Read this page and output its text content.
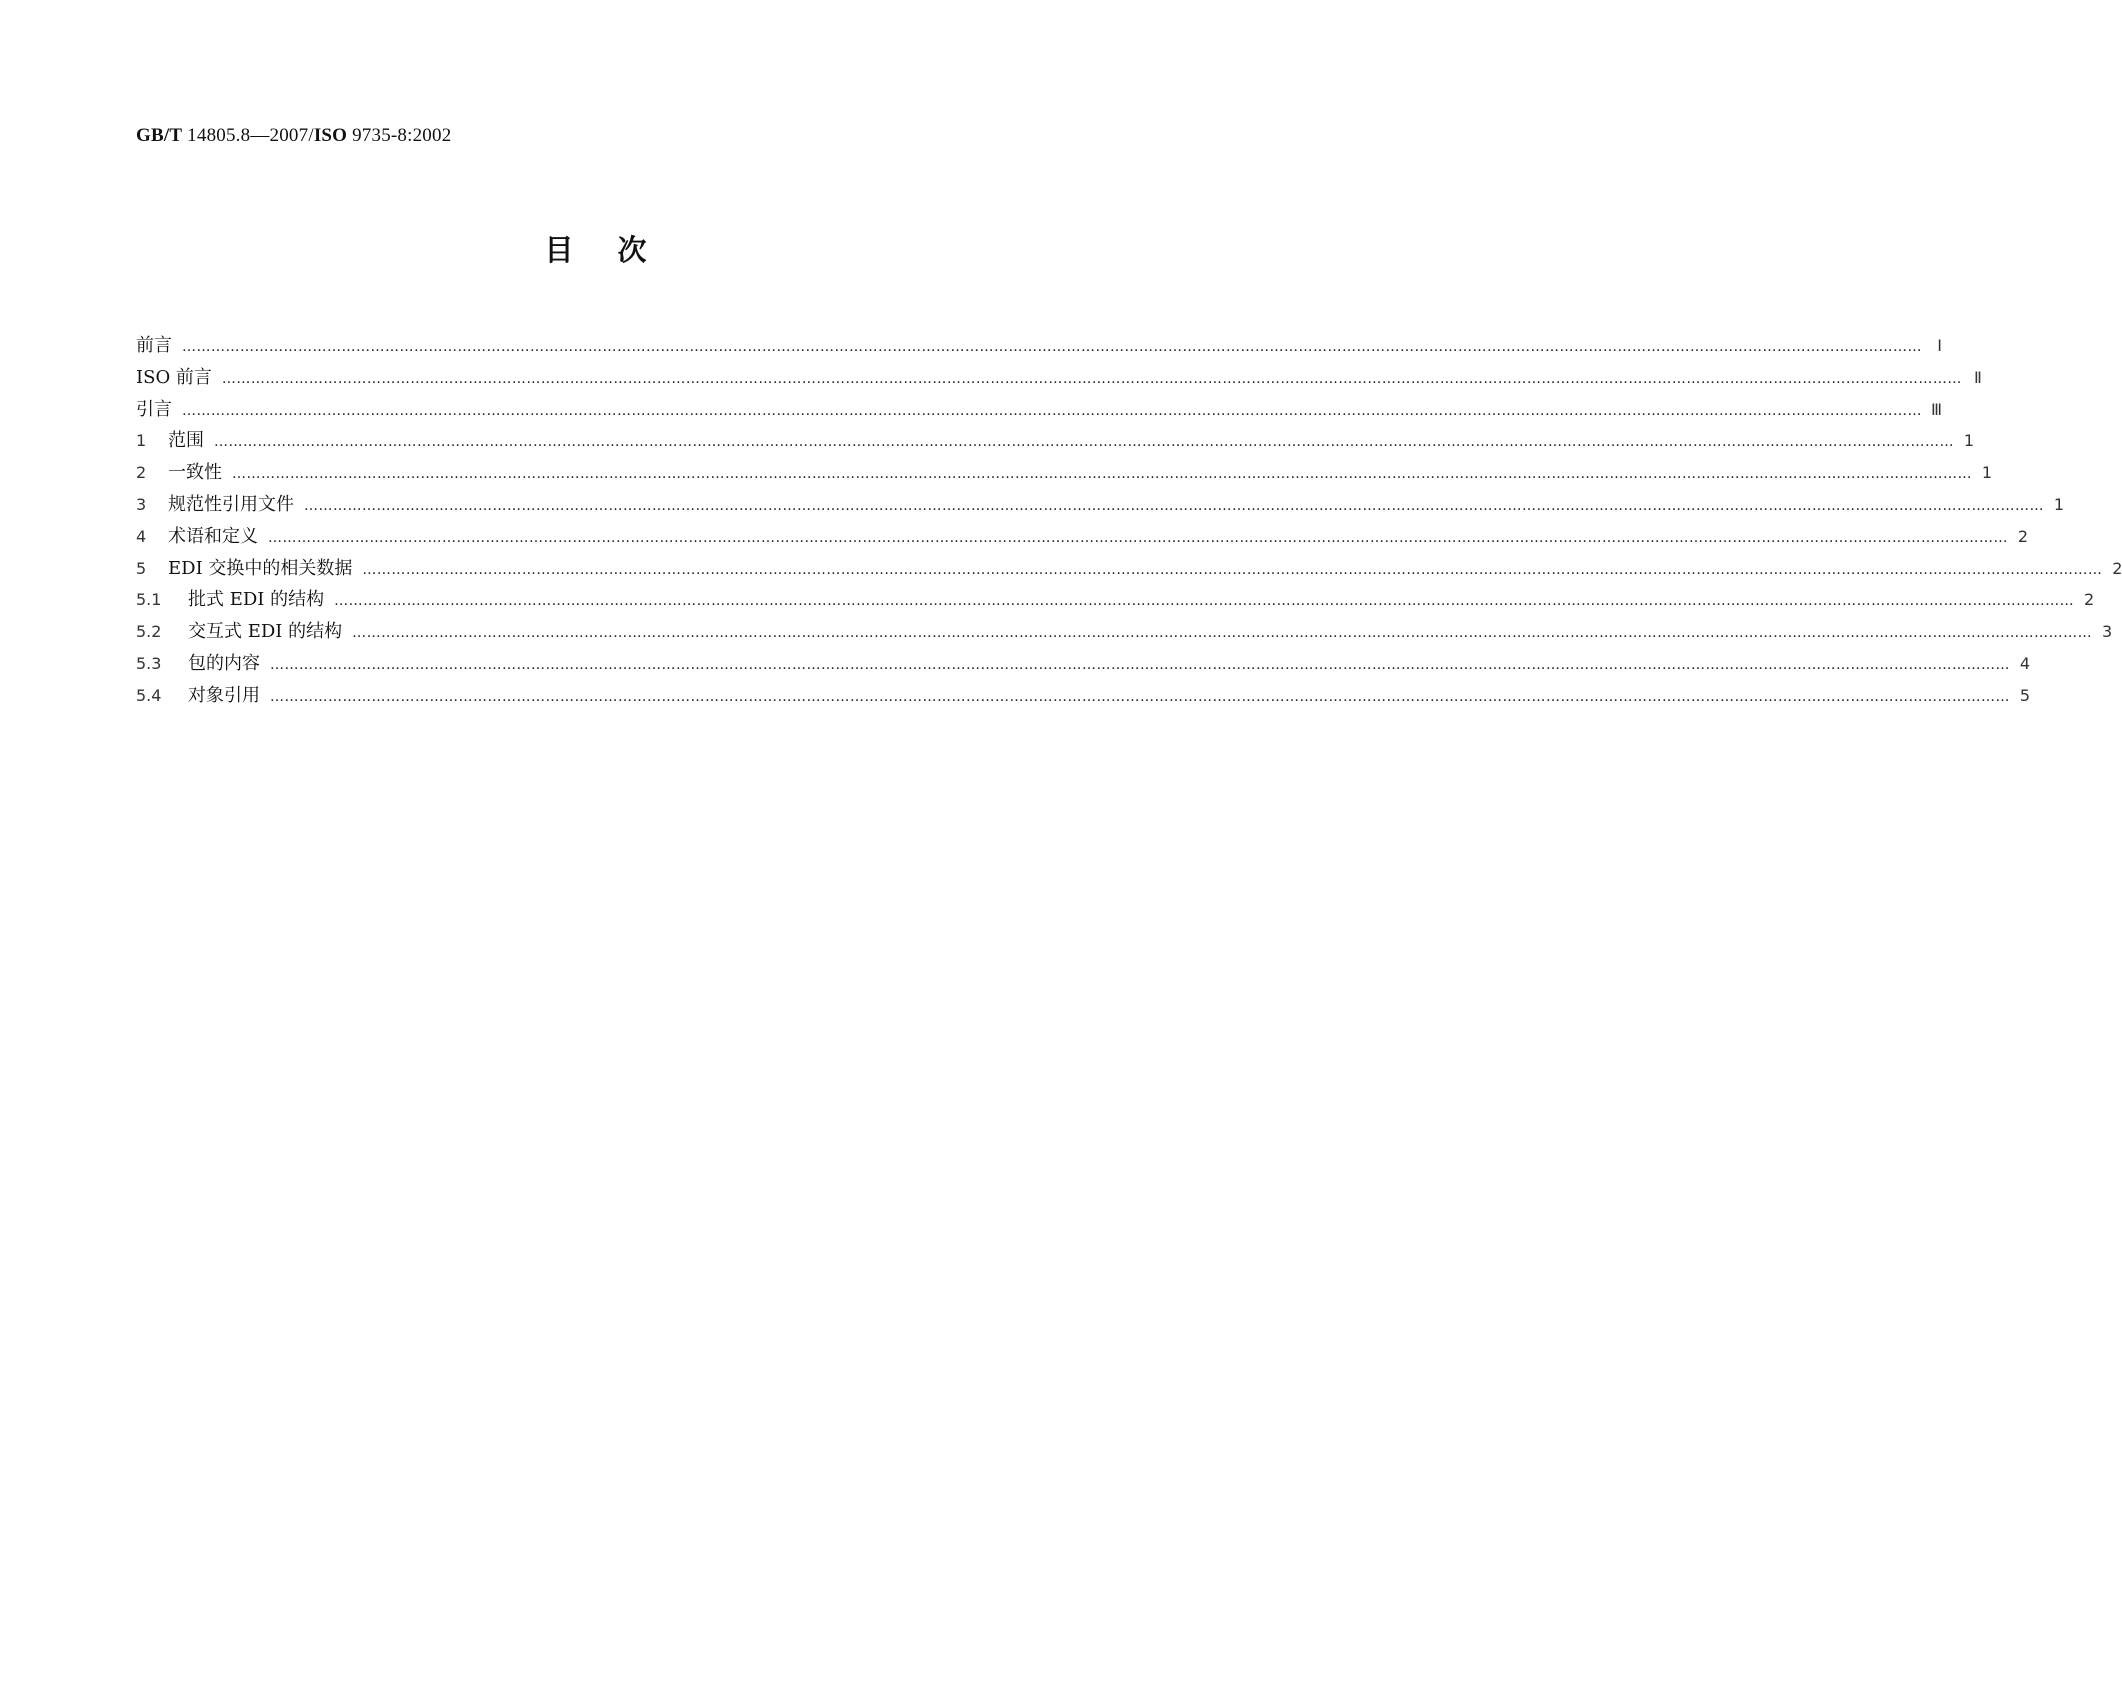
GB/T 14805.8—2007/ISO 9735-8:2002
目次
前言 ……………………………………………………………………………………………………………………………………………………………………………………………………………………………………………………………………………………………………………………………… Ⅰ
ISO 前言 ……………………………………………………………………………………………………………………………………………………………………………………………………………………………………………………………………………………………………………………………… Ⅱ
引言 ……………………………………………………………………………………………………………………………………………………………………………………………………………………………………………………………………………………………………………………………… Ⅲ
1	范围 ……………………………………………………………………………………………………………………………………………………………………………………………………………………………………………………………………………………………………………………………… 1
2	一致性 ……………………………………………………………………………………………………………………………………………………………………………………………………………………………………………………………………………………………………………………………… 1
3	规范性引用文件 ……………………………………………………………………………………………………………………………………………………………………………………………………………………………………………………………………………………………………………………………… 1
4	术语和定义 ……………………………………………………………………………………………………………………………………………………………………………………………………………………………………………………………………………………………………………………………… 2
5	EDI 交换中的相关数据 ……………………………………………………………………………………………………………………………………………………………………………………………………………………………………………………………………………………………………………………………… 2
5.1	批式 EDI 的结构 ……………………………………………………………………………………………………………………………………………………………………………………………………………………………………………………………………………………………………………………………… 2
5.2	交互式 EDI 的结构 ……………………………………………………………………………………………………………………………………………………………………………………………………………………………………………………………………………………………………………………………… 3
5.3	包的内容 ……………………………………………………………………………………………………………………………………………………………………………………………………………………………………………………………………………………………………………………………… 4
5.4	对象引用 ……………………………………………………………………………………………………………………………………………………………………………………………………………………………………………………………………………………………………………………………… 5
